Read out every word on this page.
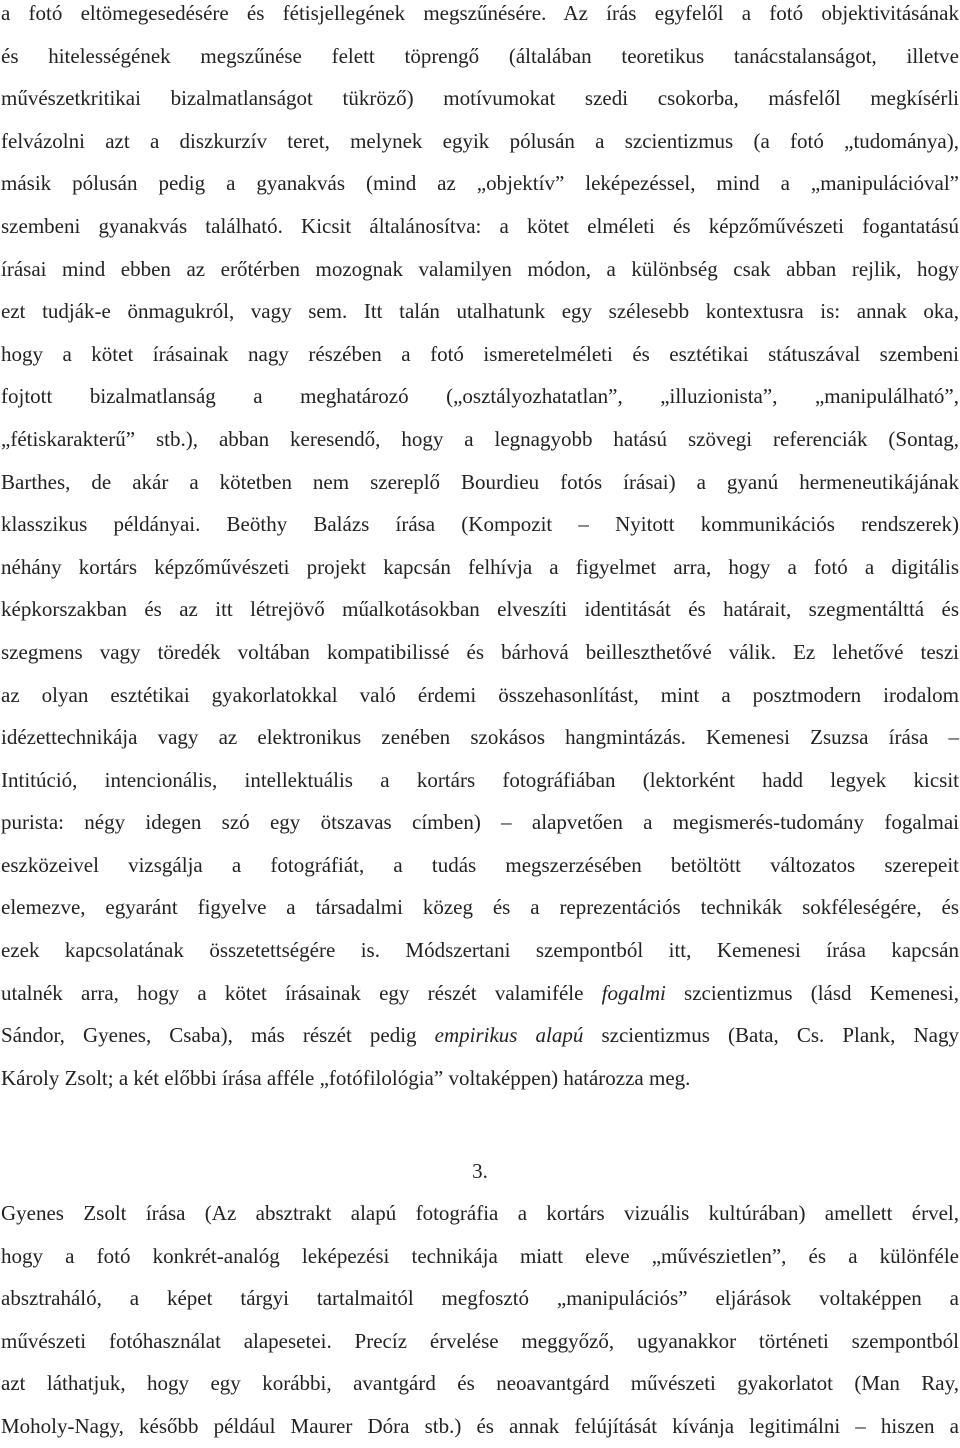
a fotó eltömegesedésére és fétisjellegének megszűnésére. Az írás egyfelől a fotó objektivitásának
és hitelességének megszűnése felett töprengő (általában teoretikus tanácstalanságot, illetve
művészetkritikai bizalmatlanságot tükröző) motívumokat szedi csokorba, másfelől megkísérli
felvázolni azt a diszkurzív teret, melynek egyik pólusán a szcientizmus (a fotó „tudománya),
másik pólusán pedig a gyanakvás (mind az „objektív” leképezéssel, mind a „manipulációval”
szembeni gyanakvás található. Kicsit általánosítva: a kötet elméleti és képzőművészeti fogantatású
írásai mind ebben az erőtérben mozognak valamilyen módon, a különbség csak abban rejlik, hogy
ezt tudják-e önmagukról, vagy sem. Itt talán utalhatunk egy szélesebb kontextusra is: annak oka,
hogy a kötet írásainak nagy részében a fotó ismeretelméleti és esztétikai státuszával szembeni
fojtott bizalmatlanság a meghatározó („osztályozhatatlan”, „illuzionista”, „manipulálható”,
„fétiskarakterű” stb.), abban keresendő, hogy a legnagyobb hatású szövegi referenciák (Sontag,
Barthes, de akár a kötetben nem szereplő Bourdieu fotós írásai) a gyanú hermeneutikájának
klasszikus példányai. Beöthy Balázs írása (Kompozit – Nyitott kommunikációs rendszerek)
néhány kortárs képzőművészeti projekt kapcsán felhívja a figyelmet arra, hogy a fotó a digitális
képkorszakban és az itt létrejövő műalkotásokban elveszíti identitását és határait, szegmentálttá és
szegmens vagy töredék voltában kompatibilissé és bárhová beilleszthetővé válik. Ez lehetővé teszi
az olyan esztétikai gyakorlatokkal való érdemi összehasonlítást, mint a posztmodern irodalom
idézettechnikája vagy az elektronikus zenében szokásos hangmintázás. Kemenesi Zsuzsa írása –
Intitúció, intencionális, intellektuális a kortárs fotográfiában (lektorként hadd legyek kicsit
purista: négy idegen szó egy ötszavas címben) – alapvetően a megismerés-tudomány fogalmai
eszközeivel vizsgálja a fotográfiát, a tudás megszerzésében betöltött változatos szerepeit
elemezve, egyaránt figyelve a társadalmi közeg és a reprezentációs technikák sokféleségére, és
ezek kapcsolatának összetettségére is. Módszertani szempontból itt, Kemenesi írása kapcsán
utalnék arra, hogy a kötet írásainak egy részét valamiféle fogalmi szcientizmus (lásd Kemenesi,
Sándor, Gyenes, Csaba), más részét pedig empirikus alapú szcientizmus (Bata, Cs. Plank, Nagy
Károly Zsolt; a két előbbi írása afféle „fotófilológia” voltaképpen) határozza meg.
3.
Gyenes Zsolt írása (Az absztrakt alapú fotográfia a kortárs vizuális kultúrában) amellett érvel,
hogy a fotó konkrét-analóg leképezési technikája miatt eleve „művészietlen”, és a különféle
absztraháló, a képet tárgyi tartalmaitól megfosztó „manipulációs” eljárások voltaképpen a
művészeti fotóhasználat alapesetei. Precíz érvelése meggyőző, ugyanakkor történeti szempontból
azt láthatjuk, hogy egy korábbi, avantgárd és neoavantgárd művészeti gyakorlatot (Man Ray,
Moholy-Nagy, később például Maurer Dóra stb.) és annak felújítását kívánja legitimálni – hiszen a
